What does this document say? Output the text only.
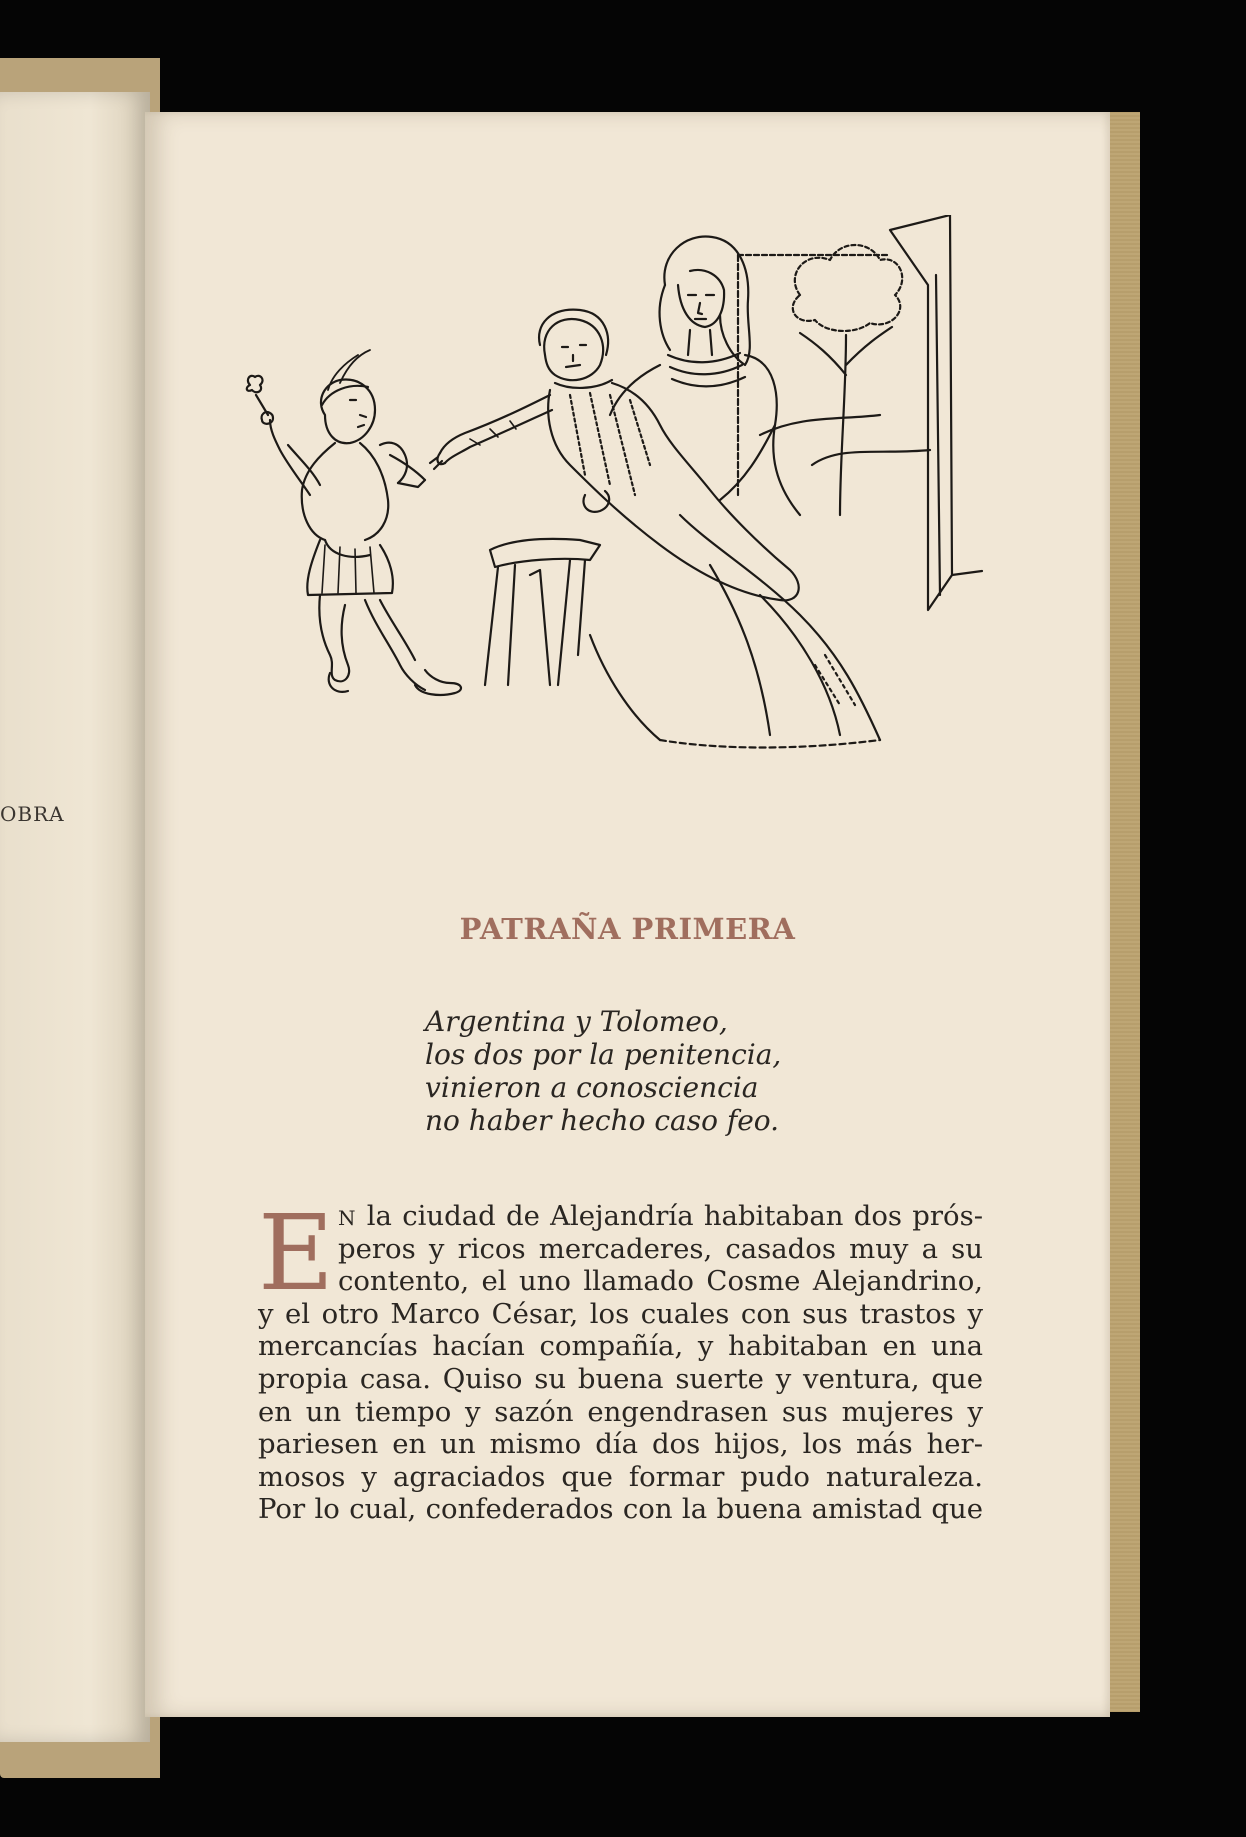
OBRA
PATRAÑA PRIMERA
Argentina y Tolomeo,
los dos por la penitencia,
vinieron a conosciencia
no haber hecho caso feo.
E N la ciudad de Alejandría habitaban dos prós-
peros y ricos mercaderes, casados muy a su
contento, el uno llamado Cosme Alejandrino,
y el otro Marco César, los cuales con sus trastos y
mercancías hacían compañía, y habitaban en una
propia casa. Quiso su buena suerte y ventura, que
en un tiempo y sazón engendrasen sus mujeres y
pariesen en un mismo día dos hijos, los más her-
mosos y agraciados que formar pudo naturaleza.
Por lo cual, confederados con la buena amistad que
